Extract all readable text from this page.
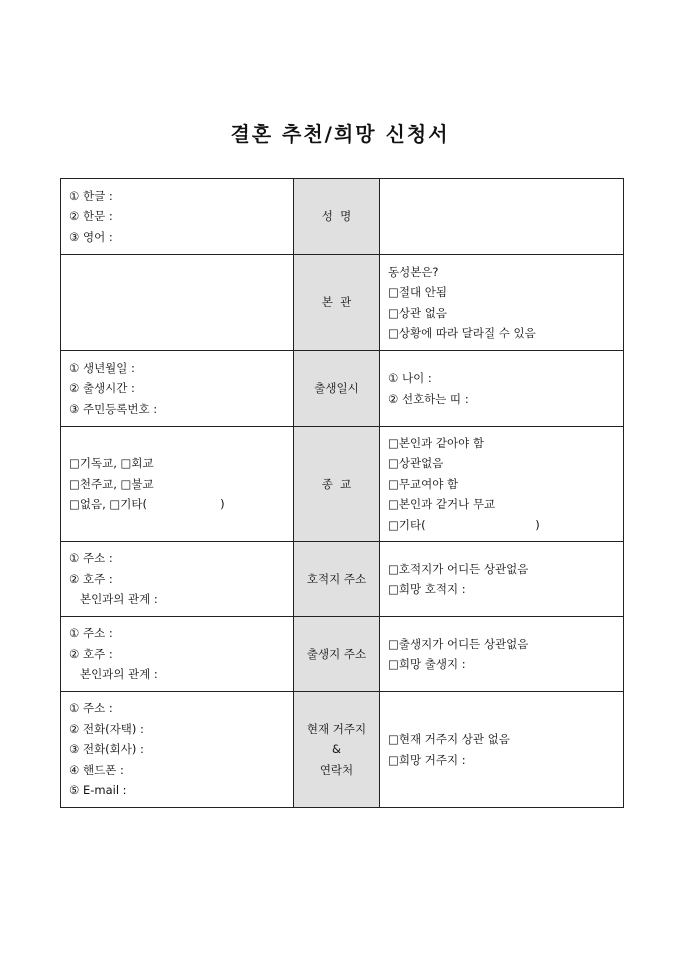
결혼 추천/희망 신청서
① 한글 :
② 한문 :
③ 영어 :	성  명	

	본  관	동성본은?
□절대 안됨
□상관 없음
□상황에 따라 달라질 수 있음

① 생년월일 :
② 출생시간 :
③ 주민등록번호 :	출생일시	① 나이 :
② 선호하는 띠 :

□기독교, □회교
□천주교, □불교
□없음, □기타(                    )	종  교	□본인과 같아야 함
□상관없음
□무교여야 함
□본인과 같거나 무교
□기타(                              )

① 주소 :
② 호주 :
본인과의 관계 :	호적지 주소	□호적지가 어디든 상관없음
□희망 호적지 :

① 주소 :
② 호주 :
본인과의 관계 :	출생지 주소	□출생지가 어디든 상관없음
□희망 출생지 :

① 주소 :
② 전화(자택) :
③ 전화(회사) :
④ 핸드폰 :
⑤ E-mail :	현재 거주지
&
연락처	□현재 거주지 상관 없음
□희망 거주지 :
